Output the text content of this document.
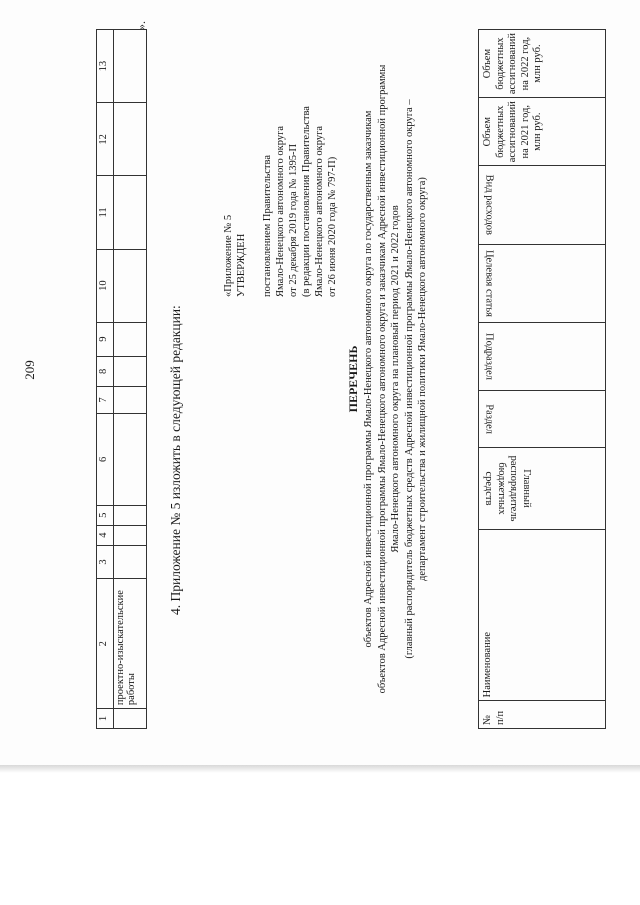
209
1	2	3	4	5	6	7	8	9	10	11	12	13
	проектно-изыскательские работы											
».
4. Приложение № 5 изложить в следующей редакции:
«Приложение № 5 УТВЕРЖДЕН постановлением Правительства Ямало-Ненецкого автономного округа от 25 декабря 2019 года № 1395-П (в редакции постановления Правительства Ямало-Ненецкого автономного округа от 26 июня 2020 года № 797-П)
ПЕРЕЧЕНЬ объектов Адресной инвестиционной программы Ямало-Ненецкого автономного округа по государственным заказчикам объектов Адресной инвестиционной программы Ямало-Ненецкого автономного округа и заказчикам Адресной инвестиционной программы Ямало-Ненецкого автономного округа на плановый период 2021 и 2022 годов (главный распорядитель бюджетных средств Адресной инвестиционной программы Ямало-Ненецкого автономного округа – департамент строительства и жилищной политики Ямало-Ненецкого автономного округа)
№ п/п	Наименование	Главный распорядитель бюджетных средств	Раздел	Подраздел	Целевая статья	Вид расходов	Объем бюджетных ассигнований на 2021 год, млн руб.	Объем бюджетных ассигнований на 2022 год, млн руб.
